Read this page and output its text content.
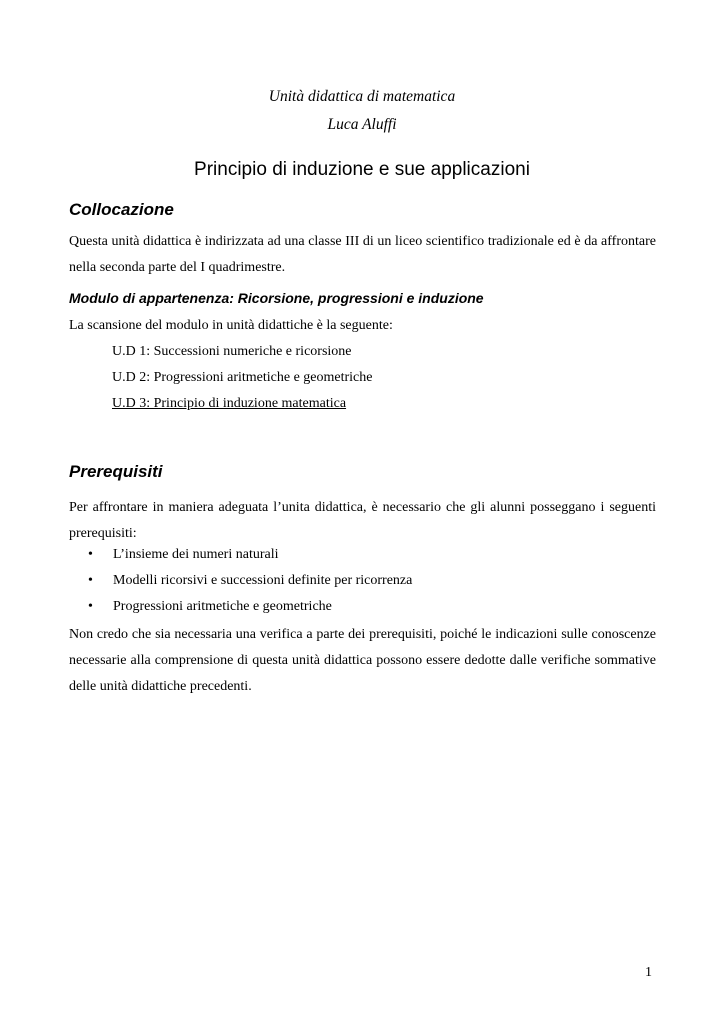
Unità didattica di matematica
Luca Aluffi
Principio di induzione e sue applicazioni
Collocazione
Questa unità didattica è indirizzata ad una classe III di un liceo scientifico tradizionale ed è da affrontare nella seconda parte del I quadrimestre.
Modulo di appartenenza: Ricorsione, progressioni e induzione
La scansione del modulo in unità didattiche è la seguente:
U.D 1: Successioni numeriche e ricorsione
U.D 2: Progressioni aritmetiche e geometriche
U.D 3: Principio di induzione matematica
Prerequisiti
Per affrontare in maniera adeguata l’unita didattica, è necessario che gli alunni posseggano i seguenti prerequisiti:
•	L’insieme dei numeri naturali
•	Modelli ricorsivi e successioni definite per ricorrenza
•	Progressioni aritmetiche e geometriche
Non credo che sia necessaria una verifica a parte dei prerequisiti, poiché le indicazioni sulle conoscenze necessarie alla comprensione di questa unità didattica possono essere dedotte dalle verifiche sommative delle unità didattiche precedenti.
1
